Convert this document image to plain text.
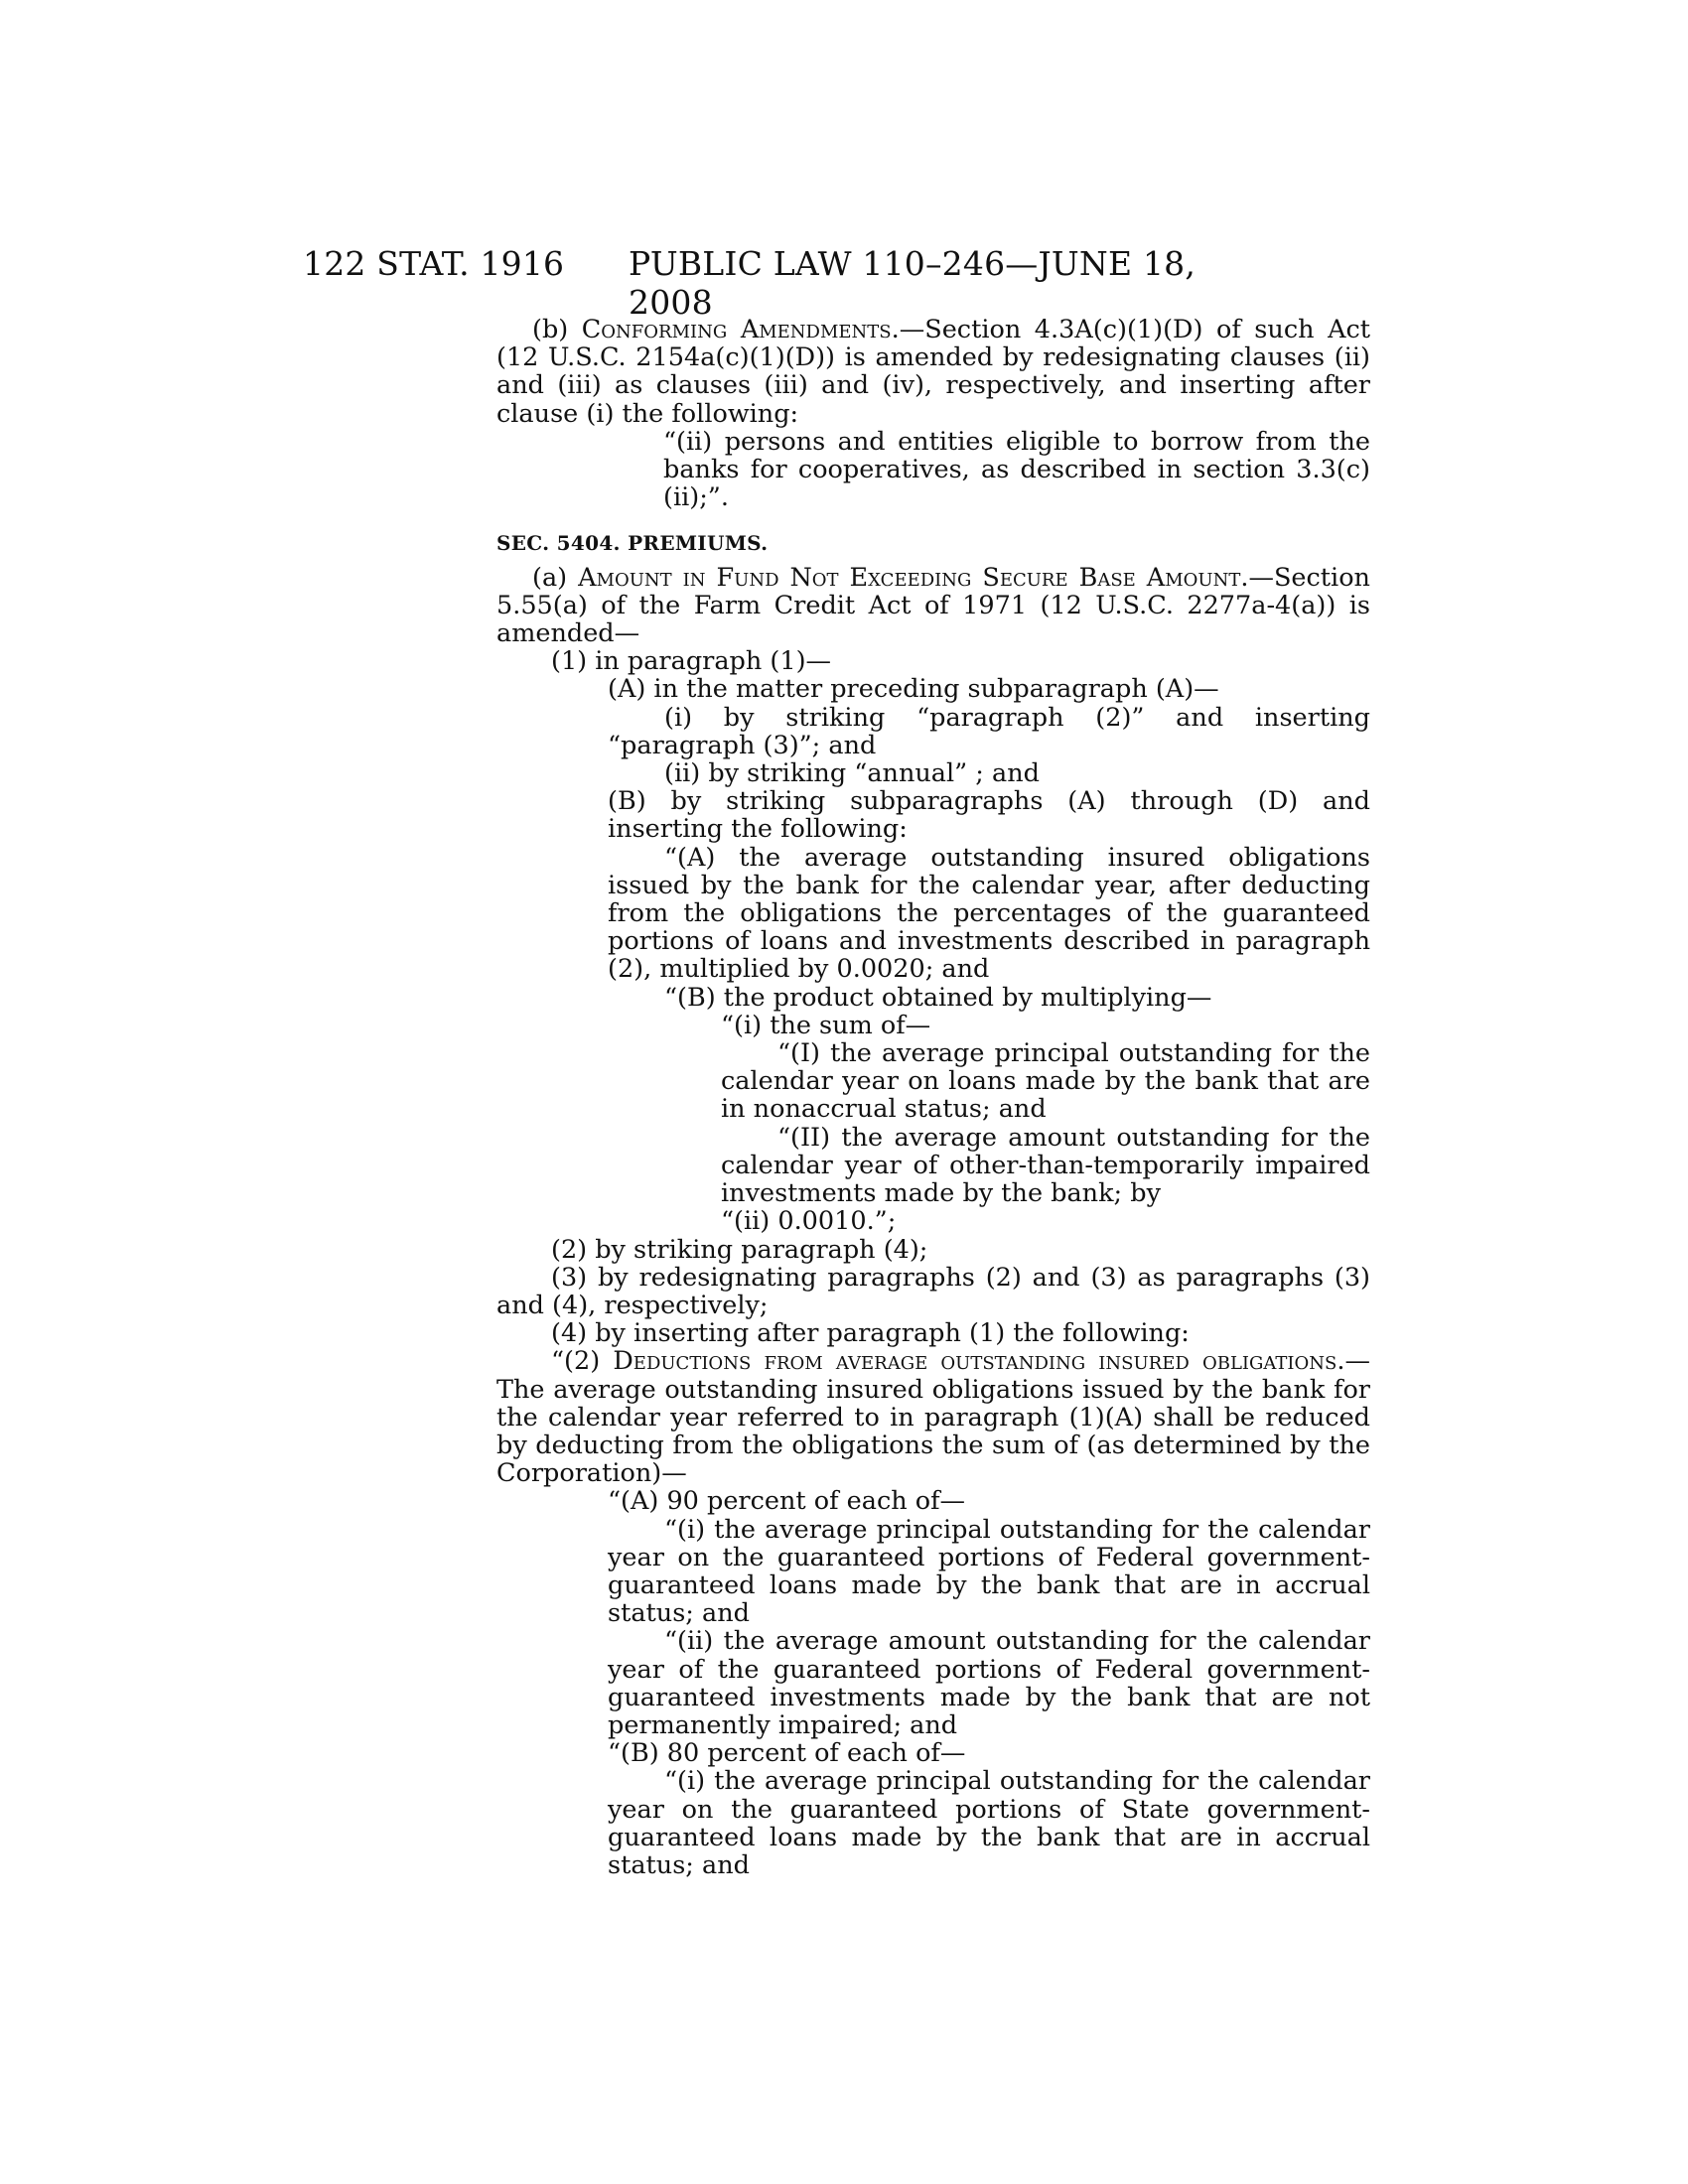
122 STAT. 1916 PUBLIC LAW 110–246—JUNE 18, 2008

(b) Conforming Amendments.—Section 4.3A(c)(1)(D) of such Act (12 U.S.C. 2154a(c)(1)(D)) is amended by redesignating clauses (ii) and (iii) as clauses (iii) and (iv), respectively, and inserting after clause (i) the following:

“(ii) persons and entities eligible to borrow from the banks for cooperatives, as described in section 3.3(c)(ii);”.

SEC. 5404. PREMIUMS.

(a) Amount in Fund Not Exceeding Secure Base Amount.—Section 5.55(a) of the Farm Credit Act of 1971 (12 U.S.C. 2277a-4(a)) is amended—

(1) in paragraph (1)—

(A) in the matter preceding subparagraph (A)—

(i) by striking “paragraph (2)” and inserting “paragraph (3)”; and

(ii) by striking “annual” ; and

(B) by striking subparagraphs (A) through (D) and inserting the following:

“(A) the average outstanding insured obligations issued by the bank for the calendar year, after deducting from the obligations the percentages of the guaranteed portions of loans and investments described in paragraph (2), multiplied by 0.0020; and

“(B) the product obtained by multiplying—

“(i) the sum of—

“(I) the average principal outstanding for the calendar year on loans made by the bank that are in nonaccrual status; and

“(II) the average amount outstanding for the calendar year of other-than-temporarily impaired investments made by the bank; by

“(ii) 0.0010.”;

(2) by striking paragraph (4);

(3) by redesignating paragraphs (2) and (3) as paragraphs (3) and (4), respectively;

(4) by inserting after paragraph (1) the following:

“(2) Deductions from average outstanding insured obligations.—The average outstanding insured obligations issued by the bank for the calendar year referred to in paragraph (1)(A) shall be reduced by deducting from the obligations the sum of (as determined by the Corporation)—

“(A) 90 percent of each of—

“(i) the average principal outstanding for the calendar year on the guaranteed portions of Federal government-guaranteed loans made by the bank that are in accrual status; and

“(ii) the average amount outstanding for the calendar year of the guaranteed portions of Federal government-guaranteed investments made by the bank that are not permanently impaired; and

“(B) 80 percent of each of—

“(i) the average principal outstanding for the calendar year on the guaranteed portions of State government-guaranteed loans made by the bank that are in accrual status; and
